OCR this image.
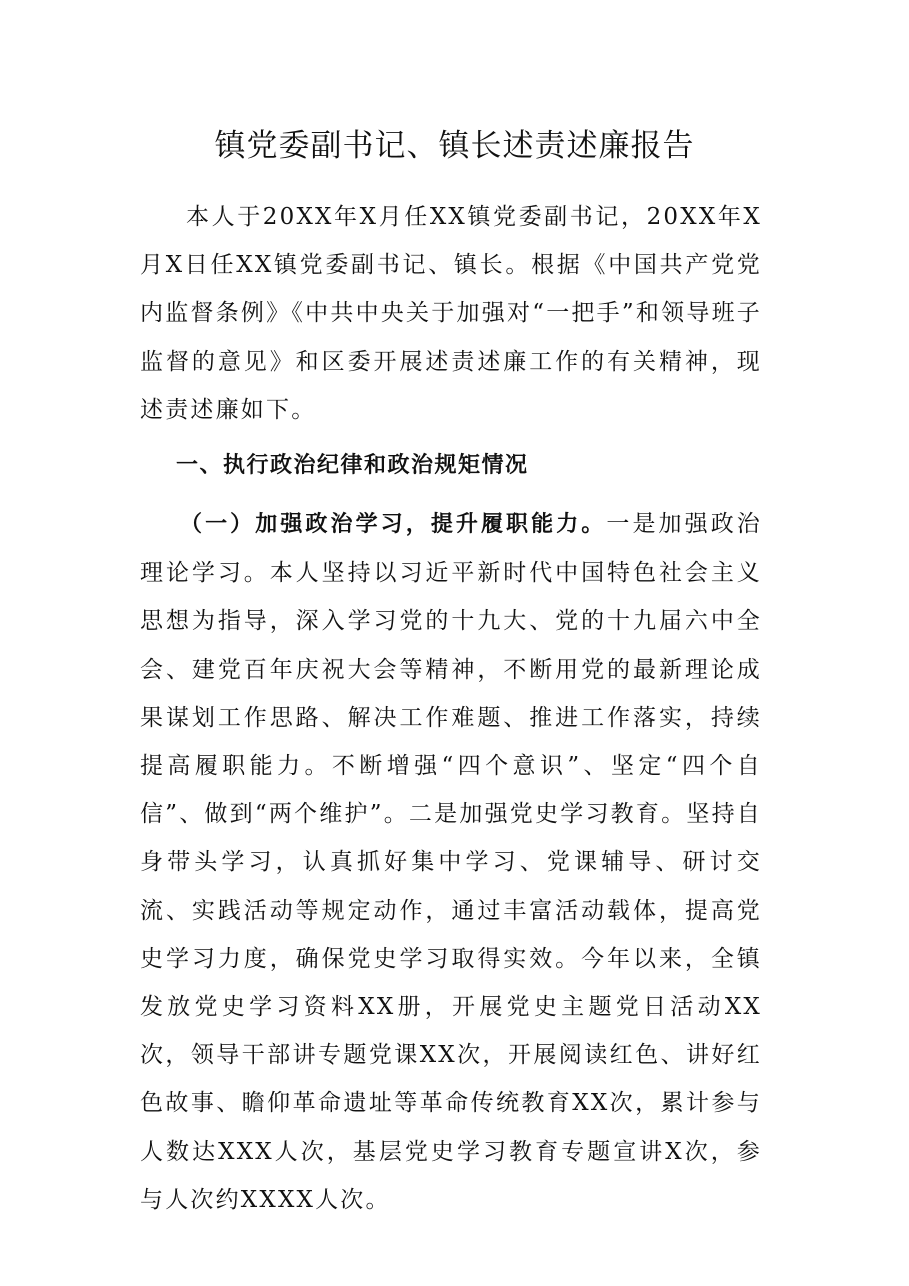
镇党委副书记、镇长述责述廉报告

本人于20XX年X月任XX镇党委副书记，20XX年X月X日任XX镇党委副书记、镇长。根据《中国共产党党内监督条例》《中共中央关于加强对“一把手”和领导班子监督的意见》和区委开展述责述廉工作的有关精神，现述责述廉如下。

一、执行政治纪律和政治规矩情况

（一）加强政治学习，提升履职能力。一是加强政治理论学习。本人坚持以习近平新时代中国特色社会主义思想为指导，深入学习党的十九大、党的十九届六中全会、建党百年庆祝大会等精神，不断用党的最新理论成果谋划工作思路、解决工作难题、推进工作落实，持续提高履职能力。不断增强“四个意识”、坚定“四个自信”、做到“两个维护”。二是加强党史学习教育。坚持自身带头学习，认真抓好集中学习、党课辅导、研讨交流、实践活动等规定动作，通过丰富活动载体，提高党史学习力度，确保党史学习取得实效。今年以来，全镇发放党史学习资料XX册，开展党史主题党日活动XX次，领导干部讲专题党课XX次，开展阅读红色、讲好红色故事、瞻仰革命遗址等革命传统教育XX次，累计参与人数达XXX人次，基层党史学习教育专题宣讲X次，参与人次约XXXX人次。
